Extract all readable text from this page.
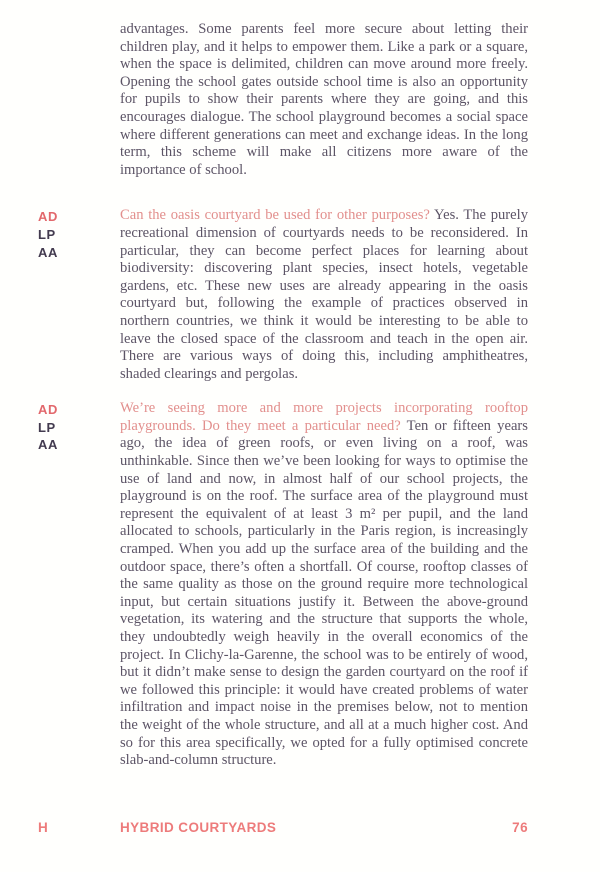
advantages. Some parents feel more secure about letting their children play, and it helps to empower them. Like a park or a square, when the space is delimited, children can move around more freely. Opening the school gates outside school time is also an opportunity for pupils to show their parents where they are going, and this encourages dialogue. The school playground becomes a social space where different generations can meet and exchange ideas. In the long term, this scheme will make all citizens more aware of the importance of school.
AD
LP
AA
Can the oasis courtyard be used for other purposes? Yes. The purely recreational dimension of courtyards needs to be reconsidered. In particular, they can become perfect places for learning about biodiversity: discovering plant species, insect hotels, vegetable gardens, etc. These new uses are already appearing in the oasis courtyard but, following the example of practices observed in northern countries, we think it would be interesting to be able to leave the closed space of the classroom and teach in the open air. There are various ways of doing this, including amphitheatres, shaded clearings and pergolas.
AD
LP
AA
We’re seeing more and more projects incorporating rooftop playgrounds. Do they meet a particular need? Ten or fifteen years ago, the idea of green roofs, or even living on a roof, was unthinkable. Since then we’ve been looking for ways to optimise the use of land and now, in almost half of our school projects, the playground is on the roof. The surface area of the playground must represent the equivalent of at least 3 m² per pupil, and the land allocated to schools, particularly in the Paris region, is increasingly cramped. When you add up the surface area of the building and the outdoor space, there’s often a shortfall. Of course, rooftop classes of the same quality as those on the ground require more technological input, but certain situations justify it. Between the above-ground vegetation, its watering and the structure that supports the whole, they undoubtedly weigh heavily in the overall economics of the project. In Clichy-la-Garenne, the school was to be entirely of wood, but it didn’t make sense to design the garden courtyard on the roof if we followed this principle: it would have created problems of water infiltration and impact noise in the premises below, not to mention the weight of the whole structure, and all at a much higher cost. And so for this area specifically, we opted for a fully optimised concrete slab-and-column structure.
H	HYBRID COURTYARDS	76
